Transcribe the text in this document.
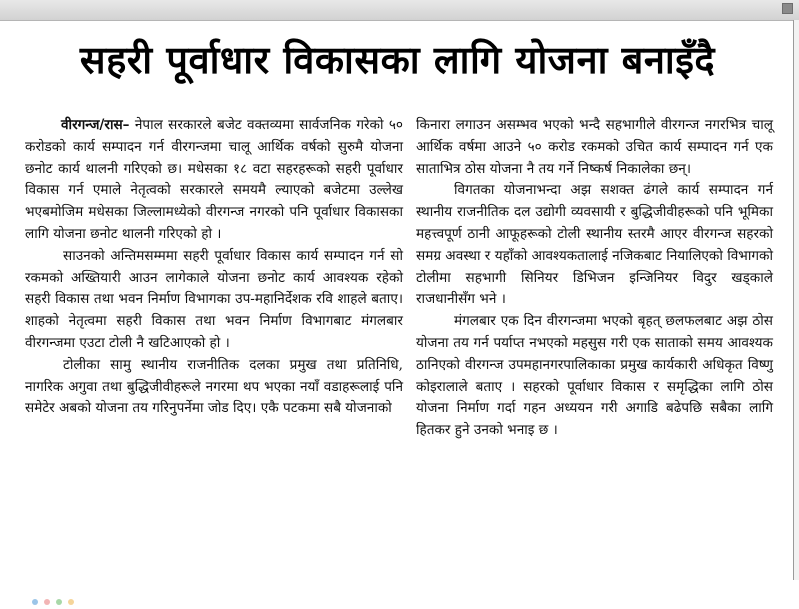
सहरी पूर्वाधार विकासका लागि योजना बनाइँदै

वीरगन्ज/रास– नेपाल सरकारले बजेट वक्तव्यमा सार्वजनिक गरेको ५० करोडको कार्य सम्पादन गर्न वीरगन्जमा चालू आर्थिक वर्षको सुरुमै योजना छनोट कार्य थालनी गरिएको छ। मधेसका १८ वटा सहरहरूको सहरी पूर्वाधार विकास गर्न एमाले नेतृत्वको सरकारले समयमै ल्याएको बजेटमा उल्लेख भएबमोजिम मधेसका जिल्लामध्येको वीरगन्ज नगरको पनि पूर्वाधार विकासका लागि योजना छनोट थालनी गरिएको हो ।

साउनको अन्तिमसम्ममा सहरी पूर्वाधार विकास कार्य सम्पादन गर्न सो रकमको अख्तियारी आउन लागेकाले योजना छनोट कार्य आवश्यक रहेको सहरी विकास तथा भवन निर्माण विभागका उप-महानिर्देशक रवि शाहले बताए। शाहको नेतृत्वमा सहरी विकास तथा भवन निर्माण विभागबाट मंगलबार वीरगन्जमा एउटा टोली नै खटिआएको हो ।

टोलीका सामु स्थानीय राजनीतिक दलका प्रमुख तथा प्रतिनिधि, नागरिक अगुवा तथा बुद्धिजीवीहरूले नगरमा थप भएका नयाँ वडाहरूलाई पनि समेटेर अबको योजना तय गरिनुपर्नेमा जोड दिए। एकै पटकमा सबै योजनाको

किनारा लगाउन असम्भव भएको भन्दै सहभागीले वीरगन्ज नगरभित्र चालू आर्थिक वर्षमा आउने ५० करोड रकमको उचित कार्य सम्पादन गर्न एक साताभित्र ठोस योजना नै तय गर्ने निष्कर्ष निकालेका छन्।

विगतका योजनाभन्दा अझ सशक्त ढंगले कार्य सम्पादन गर्न स्थानीय राजनीतिक दल उद्योगी व्यवसायी र बुद्धिजीवीहरूको पनि भूमिका महत्त्वपूर्ण ठानी आफूहरूको टोली स्थानीय स्तरमै आएर वीरगन्ज सहरको समग्र अवस्था र यहाँको आवश्यकतालाई नजिकबाट नियालिएको विभागको टोलीमा सहभागी सिनियर डिभिजन इन्जिनियर विदुर खड्काले राजधानीसँग भने ।

मंगलबार एक दिन वीरगन्जमा भएको बृहत् छलफलबाट अझ ठोस योजना तय गर्न पर्याप्त नभएको महसुस गरी एक साताको समय आवश्यक ठानिएको वीरगन्ज उपमहानगरपालिकाका प्रमुख कार्यकारी अधिकृत विष्णु कोइरालाले बताए । सहरको पूर्वाधार विकास र समृद्धिका लागि ठोस योजना निर्माण गर्दा गहन अध्ययन गरी अगाडि बढेपछि सबैका लागि हितकर हुने उनको भनाइ छ ।
